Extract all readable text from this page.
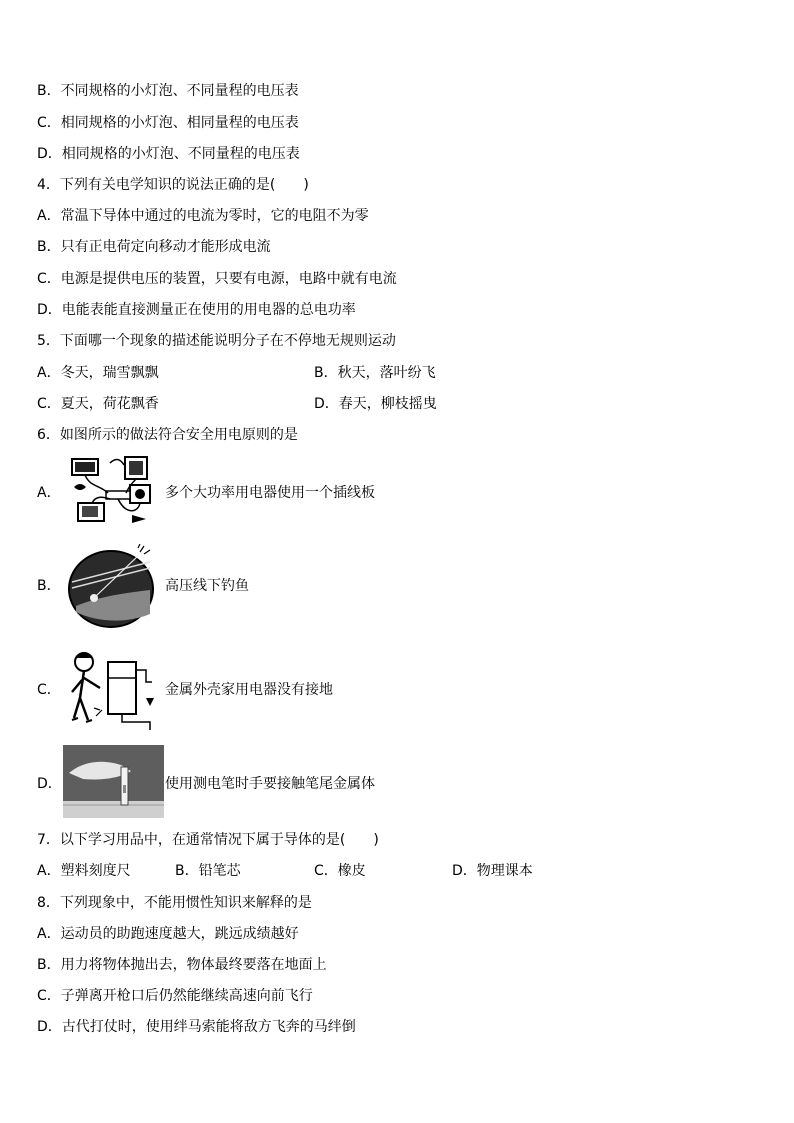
B．不同规格的小灯泡、不同量程的电压表
C．相同规格的小灯泡、相同量程的电压表
D．相同规格的小灯泡、不同量程的电压表
4．下列有关电学知识的说法正确的是(　　)
A．常温下导体中通过的电流为零时，它的电阻不为零
B．只有正电荷定向移动才能形成电流
C．电源是提供电压的装置，只要有电源，电路中就有电流
D．电能表能直接测量正在使用的用电器的总电功率
5．下面哪一个现象的描述能说明分子在不停地无规则运动
A．冬天，瑞雪飘飘	B．秋天，落叶纷飞
C．夏天，荷花飘香	D．春天，柳枝摇曳
6．如图所示的做法符合安全用电原则的是
A．	多个大功率用电器使用一个插线板
B．	高压线下钓鱼
C．	金属外壳家用电器没有接地
D．	使用测电笔时手要接触笔尾金属体
7．以下学习用品中，在通常情况下属于导体的是(　　)
A．塑料刻度尺	B．铅笔芯	C．橡皮	D．物理课本
8．下列现象中，不能用惯性知识来解释的是
A．运动员的助跑速度越大，跳远成绩越好
B．用力将物体抛出去，物体最终要落在地面上
C．子弹离开枪口后仍然能继续高速向前飞行
D．古代打仗时，使用绊马索能将敌方飞奔的马绊倒
